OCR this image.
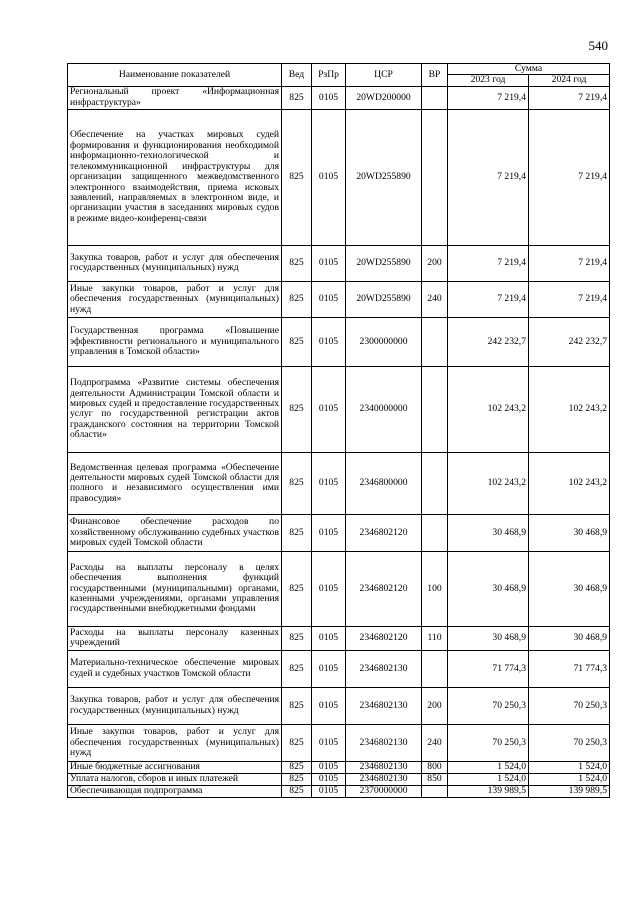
540
Наименование показателей	Вед	РзПр	ЦСР	ВР	Сумма	
					2023 год	2024 год
Региональный проект «Информационная инфраструктура»	825	0105	20WD200000		7 219,4	7 219,4
Обеспечение на участках мировых судей формирования и функционирования необходимой информационно-технологической и телекоммуникационной инфраструктуры для организации защищенного межведомственного электронного взаимодействия, приема исковых заявлений, направляемых в электронном виде, и организации участия в заседаниях мировых судов в режиме видео-конференц-связи	825	0105	20WD255890		7 219,4	7 219,4
Закупка товаров, работ и услуг для обеспечения государственных (муниципальных) нужд	825	0105	20WD255890	200	7 219,4	7 219,4
Иные закупки товаров, работ и услуг для обеспечения государственных (муниципальных) нужд	825	0105	20WD255890	240	7 219,4	7 219,4
Государственная программа «Повышение эффективности регионального и муниципального управления в Томской области»	825	0105	2300000000		242 232,7	242 232,7
Подпрограмма «Развитие системы обеспечения деятельности Администрации Томской области и мировых судей и предоставление государственных услуг по государственной регистрации актов гражданского состояния на территории Томской области»	825	0105	2340000000		102 243,2	102 243,2
Ведомственная целевая программа «Обеспечение деятельности мировых судей Томской области для полного и независимого осуществления ими правосудия»	825	0105	2346800000		102 243,2	102 243,2
Финансовое обеспечение расходов по хозяйственному обслуживанию судебных участков мировых судей Томской области	825	0105	2346802120		30 468,9	30 468,9
Расходы на выплаты персоналу в целях обеспечения выполнения функций государственными (муниципальными) органами, казенными учреждениями, органами управления государственными внебюджетными фондами	825	0105	2346802120	100	30 468,9	30 468,9
Расходы на выплаты персоналу казенных учреждений	825	0105	2346802120	110	30 468,9	30 468,9
Материально-техническое обеспечение мировых судей и судебных участков Томской области	825	0105	2346802130		71 774,3	71 774,3
Закупка товаров, работ и услуг для обеспечения государственных (муниципальных) нужд	825	0105	2346802130	200	70 250,3	70 250,3
Иные закупки товаров, работ и услуг для обеспечения государственных (муниципальных) нужд	825	0105	2346802130	240	70 250,3	70 250,3
Иные бюджетные ассигнования	825	0105	2346802130	800	1 524,0	1 524,0
Уплата налогов, сборов и иных платежей	825	0105	2346802130	850	1 524,0	1 524,0
Обеспечивающая подпрограмма	825	0105	2370000000		139 989,5	139 989,5
